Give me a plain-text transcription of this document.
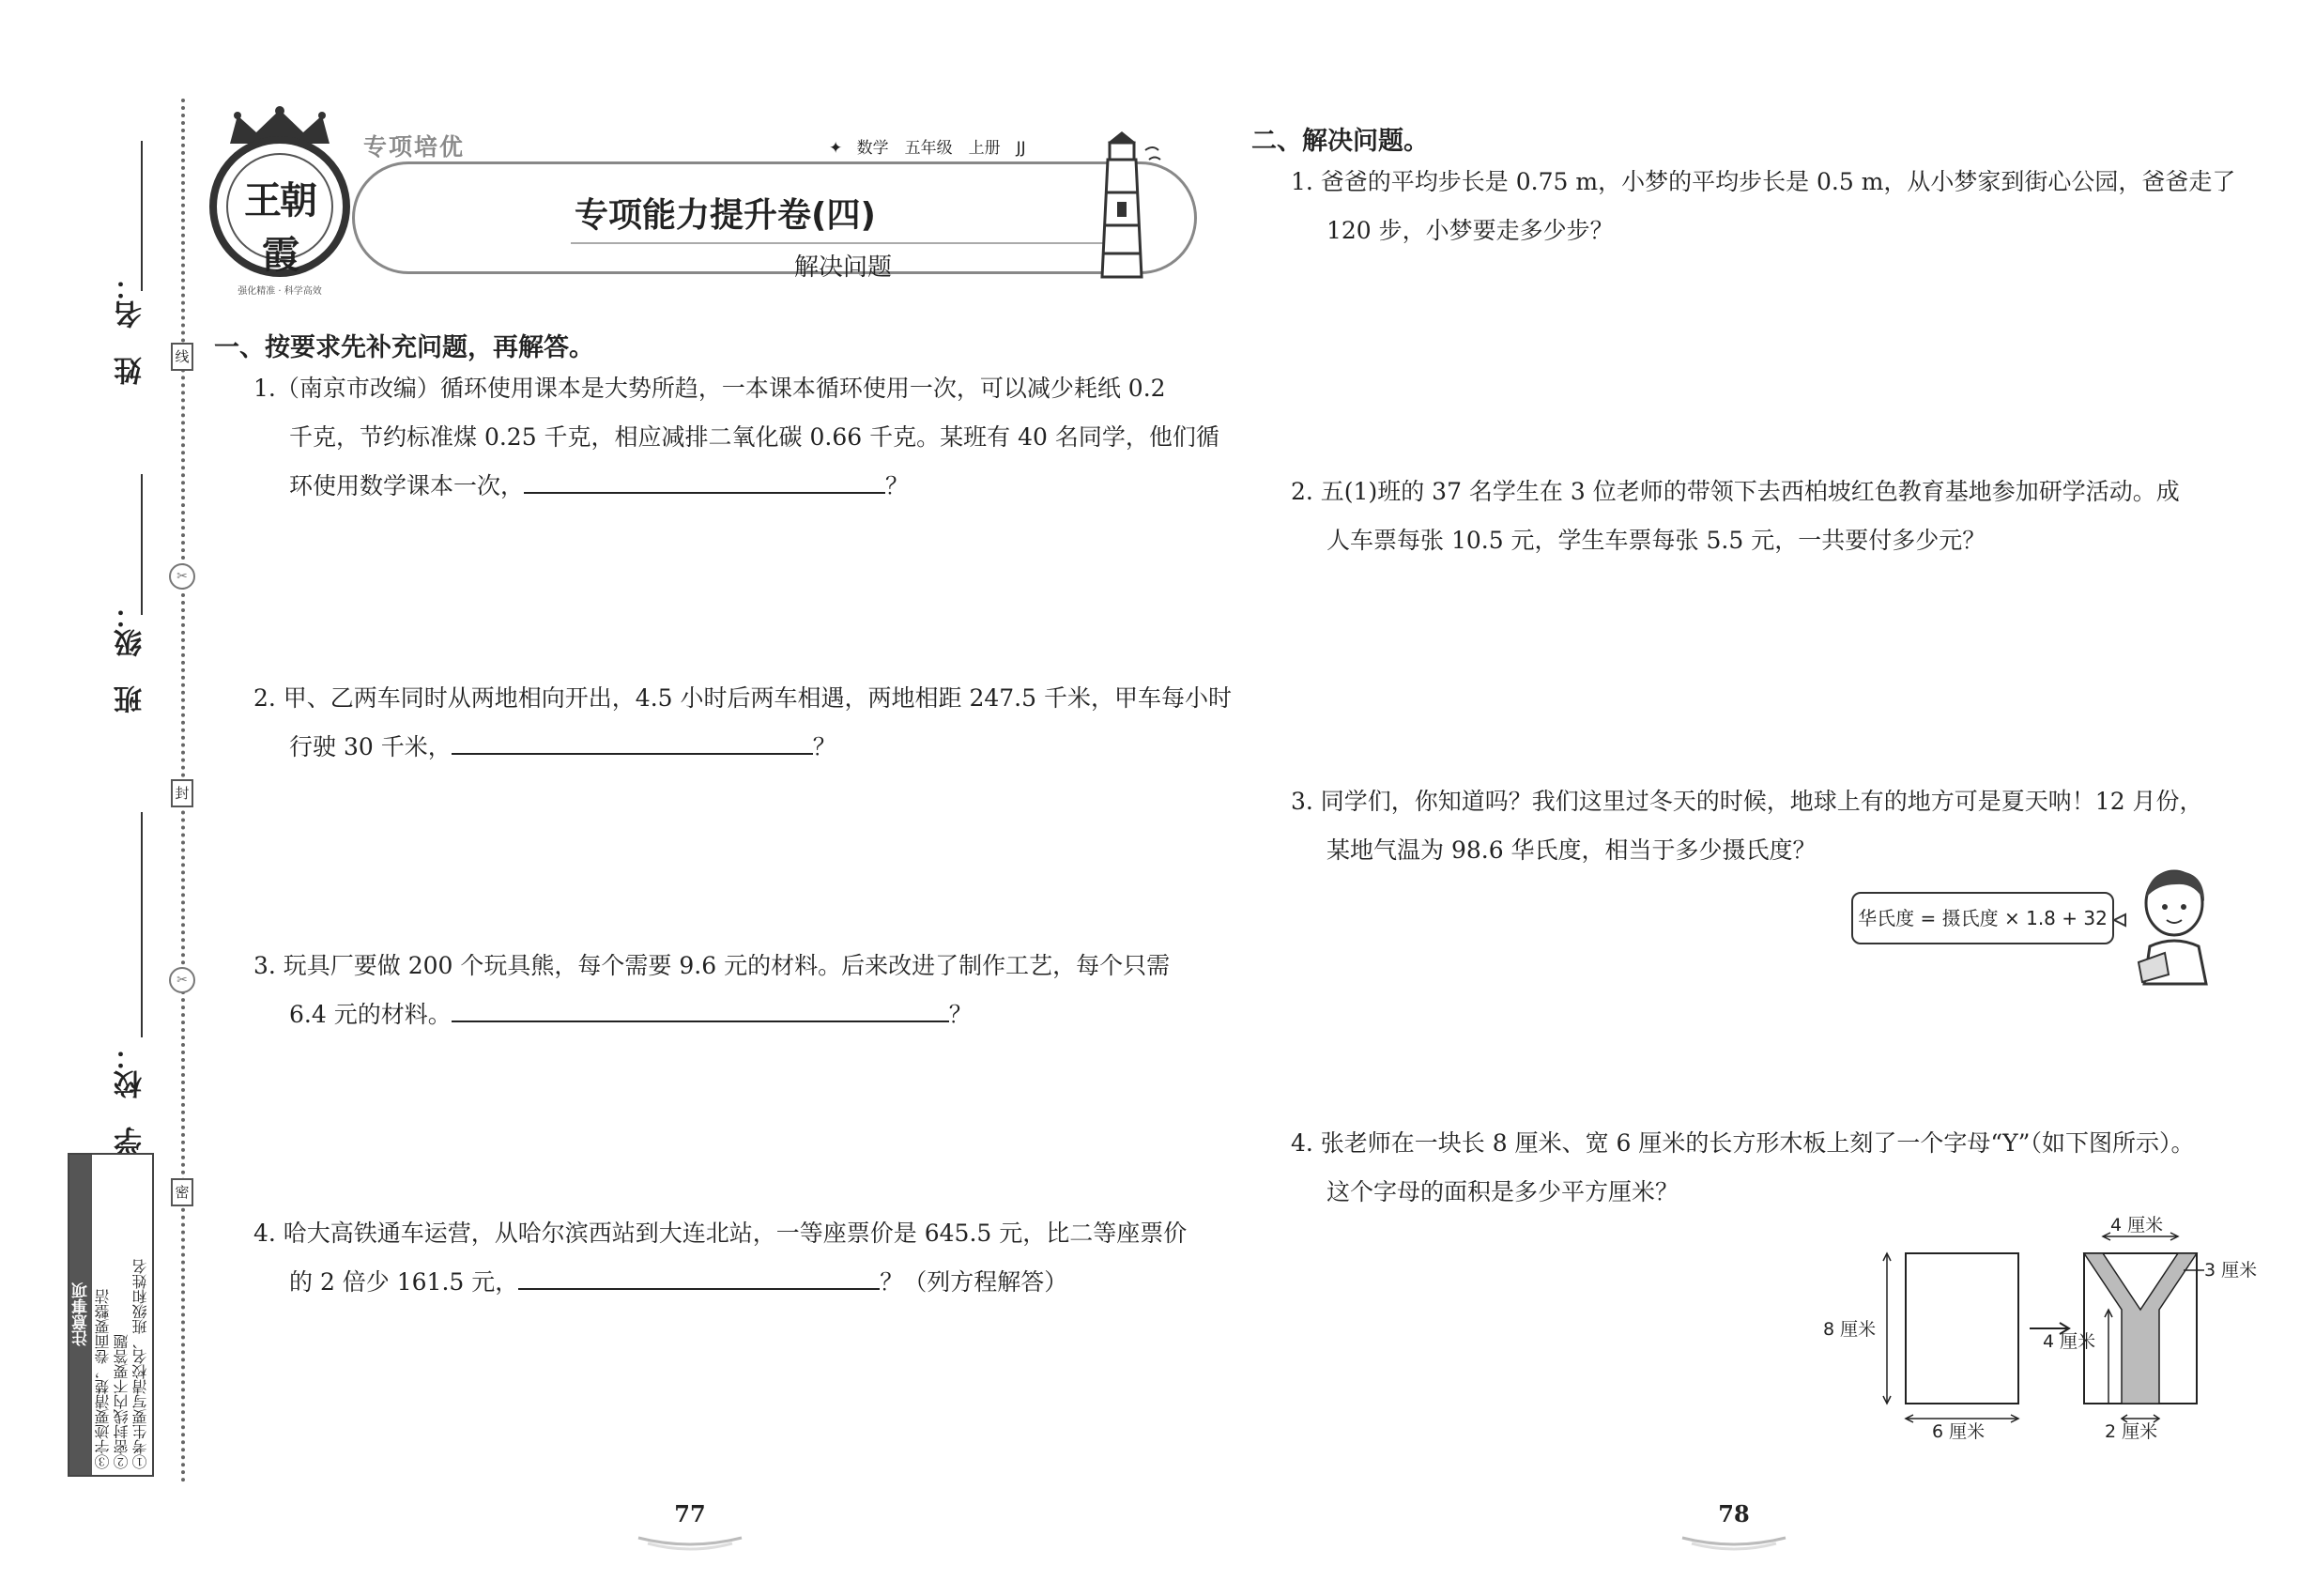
姓　名：
班　级：
学　校：
线
✂
封
✂
密
注意事项	①考生要写清校名、班级和姓名
②密封线内不要答题
③字迹要清楚，卷面要整洁
王朝霞
强化精准 · 科学高效
专项培优	✦ 数学　五年级　上册　JJ
专项能力提升卷(四)
解决问题
一、按要求先补充问题，再解答。

1.（南京市改编）循环使用课本是大势所趋，一本课本循环使用一次，可以减少耗纸 0.2

千克，节约标准煤 0.25 千克，相应减排二氧化碳 0.66 千克。某班有 40 名同学，他们循

环使用数学课本一次，	？

2. 甲、乙两车同时从两地相向开出，4.5 小时后两车相遇，两地相距 247.5 千米，甲车每小时

行驶 30 千米，	？

3. 玩具厂要做 200 个玩具熊，每个需要 9.6 元的材料。后来改进了制作工艺，每个只需

6.4 元的材料。	？

4. 哈大高铁通车运营，从哈尔滨西站到大连北站，一等座票价是 645.5 元，比二等座票价

的 2 倍少 161.5 元，	？（列方程解答）

77
二、解决问题。

1. 爸爸的平均步长是 0.75 m，小梦的平均步长是 0.5 m，从小梦家到街心公园，爸爸走了

120 步，小梦要走多少步？

2. 五(1)班的 37 名学生在 3 位老师的带领下去西柏坡红色教育基地参加研学活动。成

人车票每张 10.5 元，学生车票每张 5.5 元，一共要付多少元？

3. 同学们，你知道吗？我们这里过冬天的时候，地球上有的地方可是夏天呐！12 月份，

某地气温为 98.6 华氏度，相当于多少摄氏度？

华氏度 = 摄氏度 × 1.8 + 32

4. 张老师在一块长 8 厘米、宽 6 厘米的长方形木板上刻了一个字母“Y”（如下图所示）。

这个字母的面积是多少平方厘米？

8 厘米
6 厘米
4 厘米
3 厘米
4 厘米
2 厘米
78
